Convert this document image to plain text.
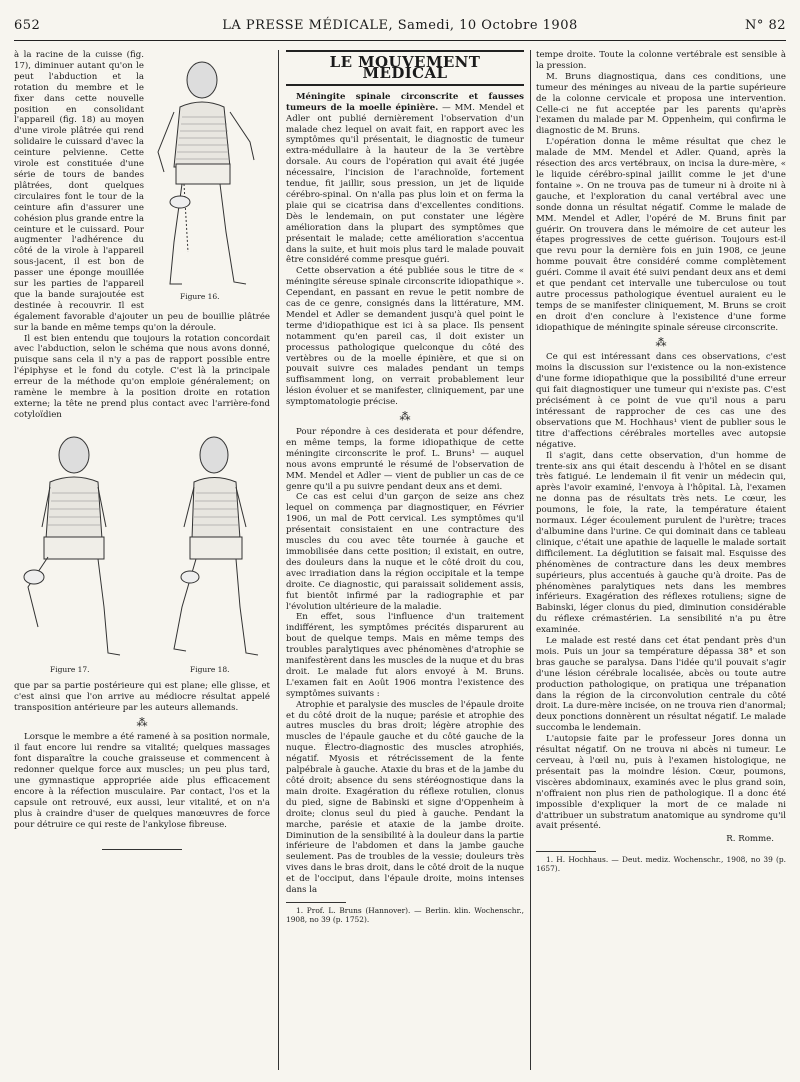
652	LA PRESSE MÉDICALE, Samedi, 10 Octobre 1908	N° 82
Figure 16.

à la racine de la cuisse (fig. 17), diminuer autant qu'on le peut l'abduction et la rotation du membre et le fixer dans cette nouvelle position en consolidant l'appareil (fig. 18) au moyen d'une virole plâtrée qui rend solidaire le cuissard d'avec la ceinture pelvienne. Cette virole est constituée d'une série de tours de bandes plâtrées, dont quelques circulaires font le tour de la ceinture afin d'assurer une cohésion plus grande entre la ceinture et le cuissard. Pour augmenter l'adhérence du côté de la virole à l'appareil sous-jacent, il est bon de passer une éponge mouillée sur les parties de l'appareil que la bande surajoutée est destinée à recouvrir. Il est également favorable d'ajouter un peu de bouillie plâtrée sur la bande en même temps qu'on la déroule.

Il est bien entendu que toujours la rotation concordait avec l'abduction, selon le schéma que nous avons donné, puisque sans cela il n'y a pas de rapport possible entre l'épiphyse et le fond du cotyle. C'est là la principale erreur de la méthode qu'on emploie généralement; on ramène le membre à la position droite en rotation externe; la tête ne prend plus contact avec l'arrière-fond cotyloïdien

Figure 17.	Figure 18.

que par sa partie postérieure qui est plane; elle glisse, et c'est ainsi que l'on arrive au médiocre résultat appelé transposition antérieure par les auteurs allemands.

⁂

Lorsque le membre a été ramené à sa position normale, il faut encore lui rendre sa vitalité; quelques massages font disparaître la couche graisseuse et commencent à redonner quelque force aux muscles; un peu plus tard, une gymnastique appropriée aide plus efficacement encore à la réfection musculaire. Par contact, l'os et la capsule ont retrouvé, eux aussi, leur vitalité, et on n'a plus à craindre d'user de quelques manœuvres de force pour détruire ce qui reste de l'ankylose fibreuse.

LE MOUVEMENT MÉDICAL

Méningite spinale circonscrite et fausses tumeurs de la moelle épinière. — MM. Mendel et Adler ont publié dernièrement l'observation d'un malade chez lequel on avait fait, en rapport avec les symptômes qu'il présentait, le diagnostic de tumeur extra-médullaire à la hauteur de la 3e vertèbre dorsale. Au cours de l'opération qui avait été jugée nécessaire, l'incision de l'arachnoïde, fortement tendue, fit jaillir, sous pression, un jet de liquide cérébro-spinal. On n'alla pas plus loin et on ferma la plaie qui se cicatrisa dans d'excellentes conditions. Dès le lendemain, on put constater une légère amélioration dans la plupart des symptômes que présentait le malade; cette amélioration s'accentua dans la suite, et huit mois plus tard le malade pouvait être considéré comme presque guéri.

Cette observation a été publiée sous le titre de « méningite séreuse spinale circonscrite idiopathique ». Cependant, en passant en revue le petit nombre de cas de ce genre, consignés dans la littérature, MM. Mendel et Adler se demandent jusqu'à quel point le terme d'idiopathique est ici à sa place. Ils pensent notamment qu'en pareil cas, il doit exister un processus pathologique quelconque du côté des vertèbres ou de la moelle épinière, et que si on pouvait suivre ces malades pendant un temps suffisamment long, on verrait probablement leur lésion évoluer et se manifester, cliniquement, par une symptomatologie précise.

⁂

Pour répondre à ces desiderata et pour défendre, en même temps, la forme idiopathique de cette méningite circonscrite le prof. L. Bruns¹ — auquel nous avons emprunté le résumé de l'observation de MM. Mendel et Adler — vient de publier un cas de ce genre qu'il a pu suivre pendant deux ans et demi.

Ce cas est celui d'un garçon de seize ans chez lequel on commença par diagnostiquer, en Février 1906, un mal de Pott cervical. Les symptômes qu'il présentait consistaient en une contracture des muscles du cou avec tête tournée à gauche et immobilisée dans cette position; il existait, en outre, des douleurs dans la nuque et le côté droit du cou, avec irradiation dans la région occipitale et la tempe droite. Ce diagnostic, qui paraissait solidement assis, fut bientôt infirmé par la radiographie et par l'évolution ultérieure de la maladie.

En effet, sous l'influence d'un traitement indifférent, les symptômes précités disparurent au bout de quelque temps. Mais en même temps des troubles paralytiques avec phénomènes d'atrophie se manifestèrent dans les muscles de la nuque et du bras droit. Le malade fut alors envoyé à M. Bruns. L'examen fait en Août 1906 montra l'existence des symptômes suivants :

Atrophie et paralysie des muscles de l'épaule droite et du côté droit de la nuque; parésie et atrophie des autres muscles du bras droit; légère atrophie des muscles de l'épaule gauche et du côté gauche de la nuque. Électro-diagnostic des muscles atrophiés, négatif. Myosis et rétrécissement de la fente palpébrale à gauche. Ataxie du bras et de la jambe du côté droit; absence du sens stéréognostique dans la main droite. Exagération du réflexe rotulien, clonus du pied, signe de Babinski et signe d'Oppenheim à droite; clonus seul du pied à gauche. Pendant la marche, parésie et ataxie de la jambe droite. Diminution de la sensibilité à la douleur dans la partie inférieure de l'abdomen et dans la jambe gauche seulement. Pas de troubles de la vessie; douleurs très vives dans le bras droit, dans le côté droit de la nuque et de l'occiput, dans l'épaule droite, moins intenses dans la

1. Prof. L. Bruns (Hannover). — Berlin. klin. Wochenschr., 1908, no 39 (p. 1752).

tempe droite. Toute la colonne vertébrale est sensible à la pression.

M. Bruns diagnostiqua, dans ces conditions, une tumeur des méninges au niveau de la partie supérieure de la colonne cervicale et proposa une intervention. Celle-ci ne fut acceptée par les parents qu'après l'examen du malade par M. Oppenheim, qui confirma le diagnostic de M. Bruns.

L'opération donna le même résultat que chez le malade de MM. Mendel et Adler. Quand, après la résection des arcs vertébraux, on incisa la dure-mère, « le liquide cérébro-spinal jaillit comme le jet d'une fontaine ». On ne trouva pas de tumeur ni à droite ni à gauche, et l'exploration du canal vertébral avec une sonde donna un résultat négatif. Comme le malade de MM. Mendel et Adler, l'opéré de M. Bruns finit par guérir. On trouvera dans le mémoire de cet auteur les étapes progressives de cette guérison. Toujours est-il que revu pour la dernière fois en juin 1908, ce jeune homme pouvait être considéré comme complètement guéri. Comme il avait été suivi pendant deux ans et demi et que pendant cet intervalle une tuberculose ou tout autre processus pathologique éventuel auraient eu le temps de se manifester cliniquement, M. Bruns se croit en droit d'en conclure à l'existence d'une forme idiopathique de méningite spinale séreuse circonscrite.

⁂

Ce qui est intéressant dans ces observations, c'est moins la discussion sur l'existence ou la non-existence d'une forme idiopathique que la possibilité d'une erreur qui fait diagnostiquer une tumeur qui n'existe pas. C'est précisément à ce point de vue qu'il nous a paru intéressant de rapprocher de ces cas une des observations que M. Hochhaus¹ vient de publier sous le titre d'affections cérébrales mortelles avec autopsie négative.

Il s'agit, dans cette observation, d'un homme de trente-six ans qui était descendu à l'hôtel en se disant très fatigué. Le lendemain il fit venir un médecin qui, après l'avoir examiné, l'envoya à l'hôpital. Là, l'examen ne donna pas de résultats très nets. Le cœur, les poumons, le foie, la rate, la température étaient normaux. Léger écoulement purulent de l'urètre; traces d'albumine dans l'urine. Ce qui dominait dans ce tableau clinique, c'était une apathie de laquelle le malade sortait difficilement. La déglutition se faisait mal. Esquisse des phénomènes de contracture dans les deux membres supérieurs, plus accentués à gauche qu'à droite. Pas de phénomènes paralytiques nets dans les membres inférieurs. Exagération des réflexes rotuliens; signe de Babinski, léger clonus du pied, diminution considérable du réflexe crémastérien. La sensibilité n'a pu être examinée.

Le malade est resté dans cet état pendant près d'un mois. Puis un jour sa température dépassa 38° et son bras gauche se paralysa. Dans l'idée qu'il pouvait s'agir d'une lésion cérébrale localisée, abcès ou toute autre production pathologique, on pratiqua une trépanation dans la région de la circonvolution centrale du côté droit. La dure-mère incisée, on ne trouva rien d'anormal; deux ponctions donnèrent un résultat négatif. Le malade succomba le lendemain.

L'autopsie faite par le professeur Jores donna un résultat négatif. On ne trouva ni abcès ni tumeur. Le cerveau, à l'œil nu, puis à l'examen histologique, ne présentait pas la moindre lésion. Cœur, poumons, viscères abdominaux, examinés avec le plus grand soin, n'offraient non plus rien de pathologique. Il a donc été impossible d'expliquer la mort de ce malade ni d'attribuer un substratum anatomique au syndrome qu'il avait présenté.

R. Romme.

1. H. Hochhaus. — Deut. mediz. Wochenschr., 1908, no 39 (p. 1657).
